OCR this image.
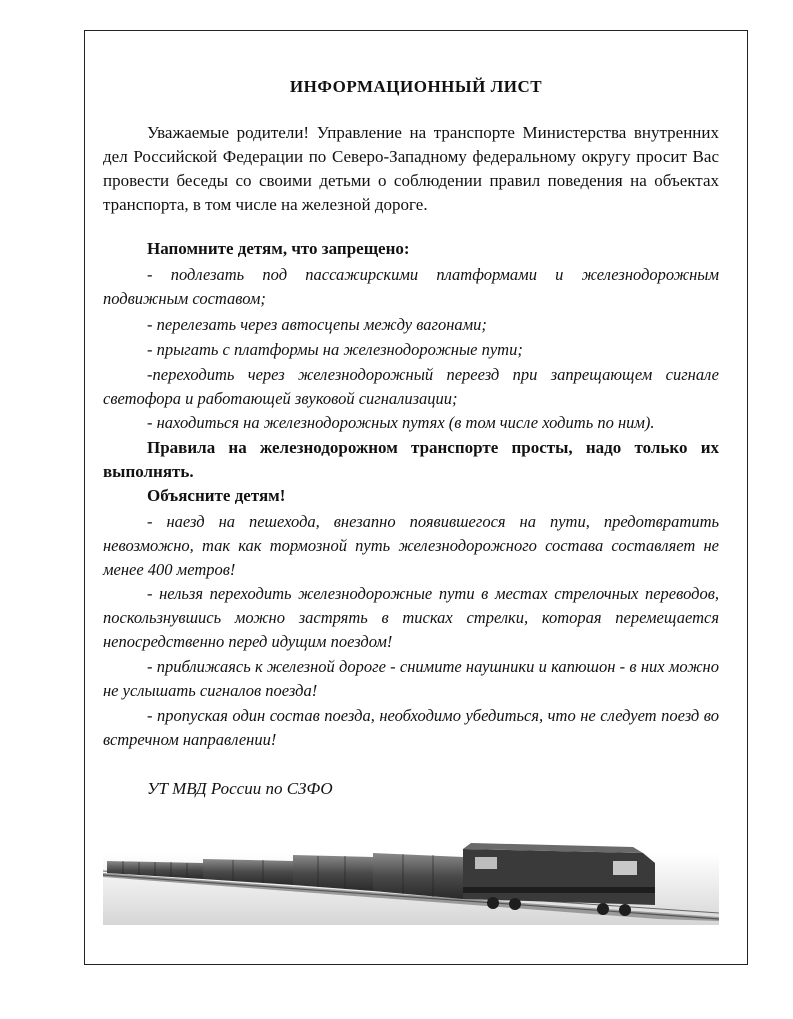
ИНФОРМАЦИОННЫЙ ЛИСТ
Уважаемые родители! Управление на транспорте Министерства внутренних дел Российской Федерации по Северо-Западному федеральному округу просит Вас провести беседы со своими детьми о соблюдении правил поведения на объектах транспорта, в том числе на железной дороге.
Напомните детям, что запрещено:
- подлезать под пассажирскими платформами и железнодорожным подвижным составом;
- перелезать через автосцепы между вагонами;
- прыгать с платформы на железнодорожные пути;
-переходить через железнодорожный переезд при запрещающем сигнале светофора и работающей звуковой сигнализации;
- находиться на железнодорожных путях (в том числе ходить по ним).
Правила на железнодорожном транспорте просты, надо только их выполнять.
Объясните детям!
- наезд на пешехода, внезапно появившегося на пути, предотвратить невозможно, так как тормозной путь железнодорожного состава составляет не менее 400 метров!
- нельзя переходить железнодорожные пути в местах стрелочных переводов, поскользнувшись можно застрять в тисках стрелки, которая перемещается непосредственно перед идущим поездом!
- приближаясь к железной дороге - снимите наушники и капюшон - в них можно не услышать сигналов поезда!
- пропуская один состав поезда, необходимо убедиться, что не следует поезд во встречном направлении!
УТ МВД России по СЗФО
